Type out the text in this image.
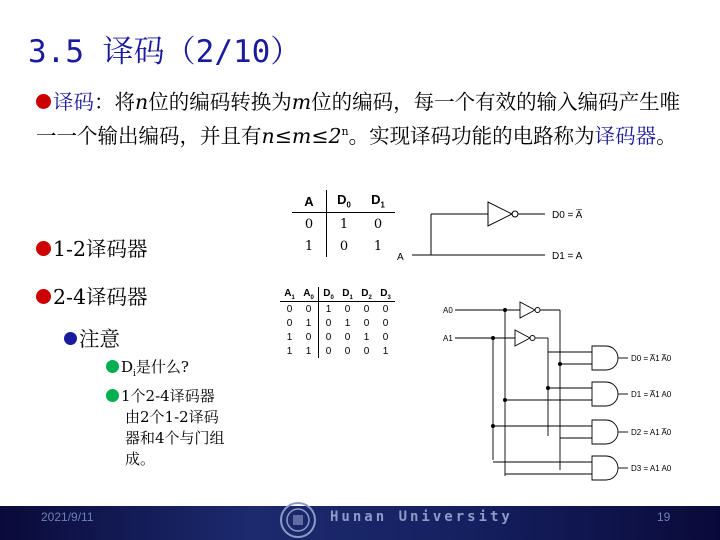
3.5 译码（2/10）
译码：将n位的编码转换为m位的编码，每一个有效的输入编码产生唯一一个输出编码，并且有$n\le m\le 2^n$。实现译码功能的电路称为译码器。
1-2译码器
2-4译码器
注意
$D_i$是什么?
1个2-4译码器
由2个1-2译码
器和4个与门组
成。
A	$D_0$	$D_1$
0	1	0
1	0	1
$A_1$	$A_0$	$D_0$	$D_1$	$D_2$	$D_3$
0	0	1	0	0	0
0	1	0	1	0	0
1	0	0	0	1	0
1	1	0	0	0	1
A
D0 = A̅
D1 = A
A0
A1
D0 = A̅1 A̅0
D1 = A̅1 A0
D2 = A1 A̅0
D3 = A1 A0
2021/9/11	Hunan University	19
